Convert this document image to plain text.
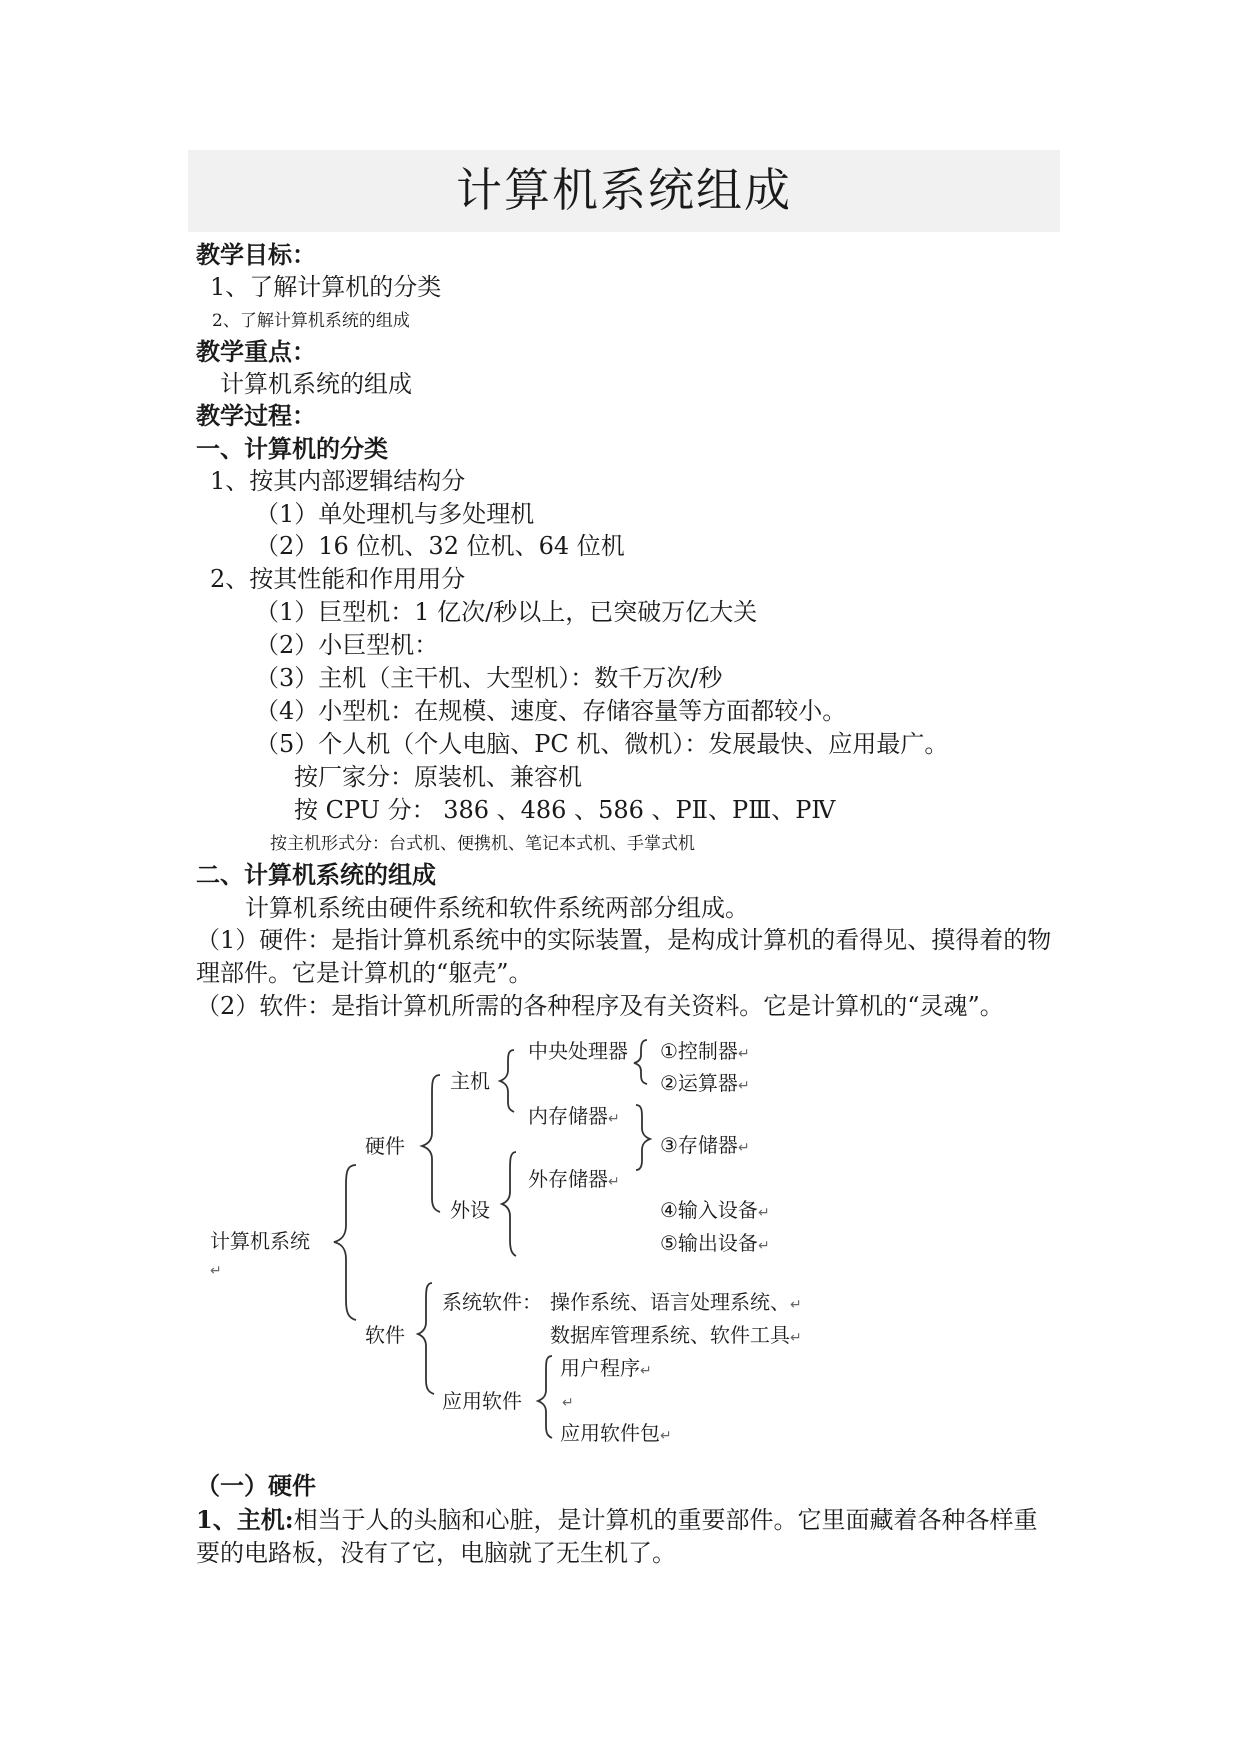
计算机系统组成
教学目标：
1、了解计算机的分类
2、了解计算机系统的组成
教学重点：
计算机系统的组成
教学过程：
一、计算机的分类
1、按其内部逻辑结构分
（1）单处理机与多处理机
（2）16 位机、32 位机、64 位机
2、按其性能和作用用分
（1）巨型机：1 亿次/秒以上，已突破万亿大关
（2）小巨型机：
（3）主机（主干机、大型机）：数千万次/秒
（4）小型机：在规模、速度、存储容量等方面都较小。
（5）个人机（个人电脑、PC 机、微机）：发展最快、应用最广。
按厂家分：原装机、兼容机
按 CPU 分： 386 、486 、586 、PⅡ、PⅢ、PⅣ
按主机形式分：台式机、便携机、笔记本式机、手掌式机
二、计算机系统的组成
计算机系统由硬件系统和软件系统两部分组成。
（1）硬件：是指计算机系统中的实际装置，是构成计算机的看得见、摸得着的物理部件。它是计算机的“躯壳”。
（2）软件：是指计算机所需的各种程序及有关资料。它是计算机的“灵魂”。
计算机系统
↵
硬件
主机
中央处理器 ①控制器↵
②运算器↵
内存储器↵
③存储器↵
外设
外存储器↵
④输入设备↵
⑤输出设备↵
软件
系统软件： 操作系统、语言处理系统、↵
数据库管理系统、软件工具↵
应用软件
用户程序↵
↵
应用软件包↵
（一）硬件
1、主机:相当于人的头脑和心脏，是计算机的重要部件。它里面藏着各种各样重要的电路板，没有了它，电脑就了无生机了。
